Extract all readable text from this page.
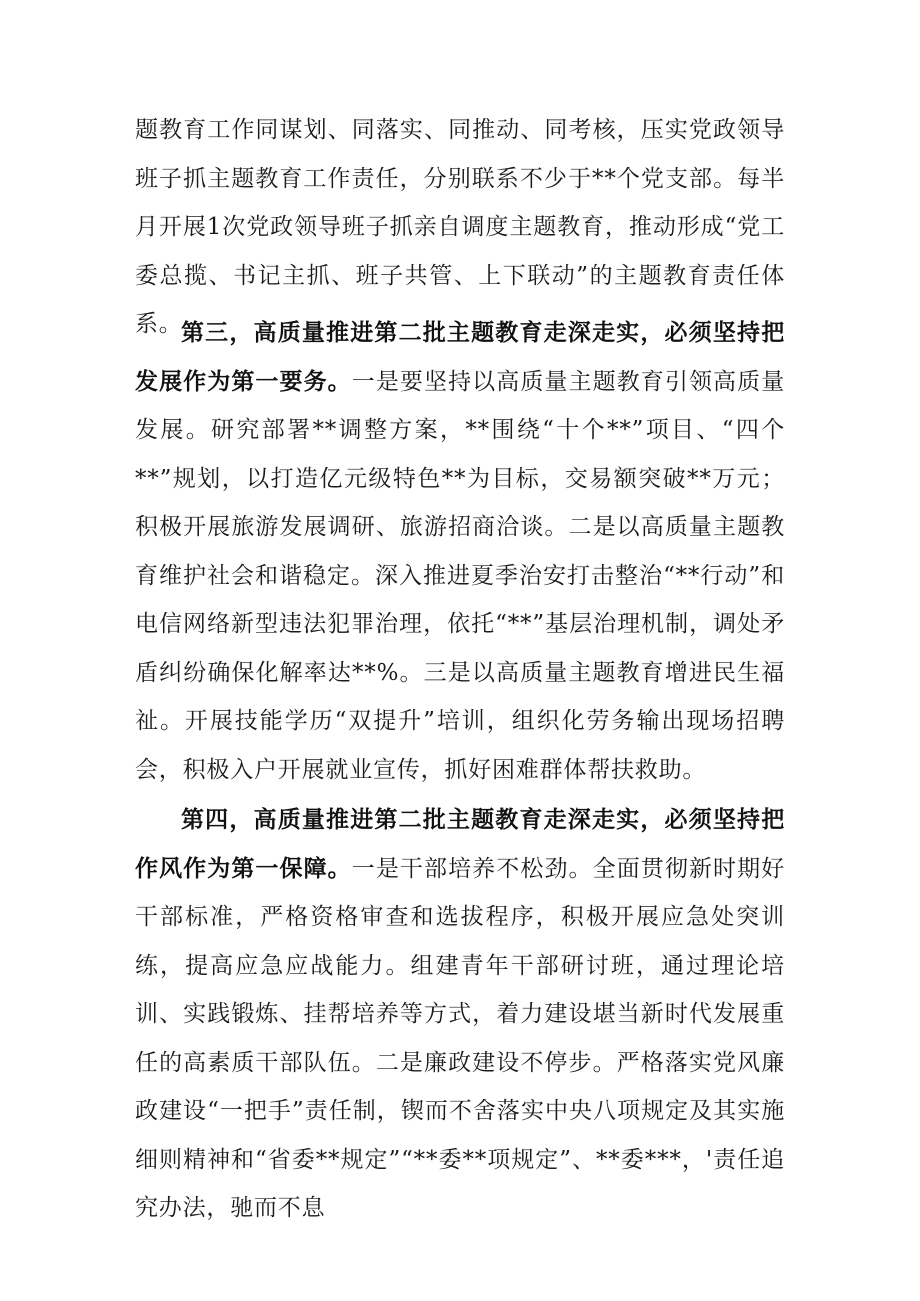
题教育工作同谋划、同落实、同推动、同考核，压实党政领导班子抓主题教育工作责任，分别联系不少于**个党支部。每半月开展1次党政领导班子抓亲自调度主题教育，推动形成“党工委总揽、书记主抓、班子共管、上下联动”的主题教育责任体系。

第三，高质量推进第二批主题教育走深走实，必须坚持把发展作为第一要务。一是要坚持以高质量主题教育引领高质量发展。研究部署**调整方案，**围绕“十个**”项目、“四个**”规划，以打造亿元级特色**为目标，交易额突破**万元；积极开展旅游发展调研、旅游招商洽谈。二是以高质量主题教育维护社会和谐稳定。深入推进夏季治安打击整治“**行动”和电信网络新型违法犯罪治理，依托“**”基层治理机制，调处矛盾纠纷确保化解率达**%。三是以高质量主题教育增进民生福祉。开展技能学历“双提升”培训，组织化劳务输出现场招聘会，积极入户开展就业宣传，抓好困难群体帮扶救助。

第四，高质量推进第二批主题教育走深走实，必须坚持把作风作为第一保障。一是干部培养不松劲。全面贯彻新时期好干部标准，严格资格审查和选拔程序，积极开展应急处突训练，提高应急应战能力。组建青年干部研讨班，通过理论培训、实践锻炼、挂帮培养等方式，着力建设堪当新时代发展重任的高素质干部队伍。二是廉政建设不停步。严格落实党风廉政建设“一把手”责任制，锲而不舍落实中央八项规定及其实施细则精神和“省委**规定”“**委**项规定”、**委***，'责任追究办法，驰而不息
